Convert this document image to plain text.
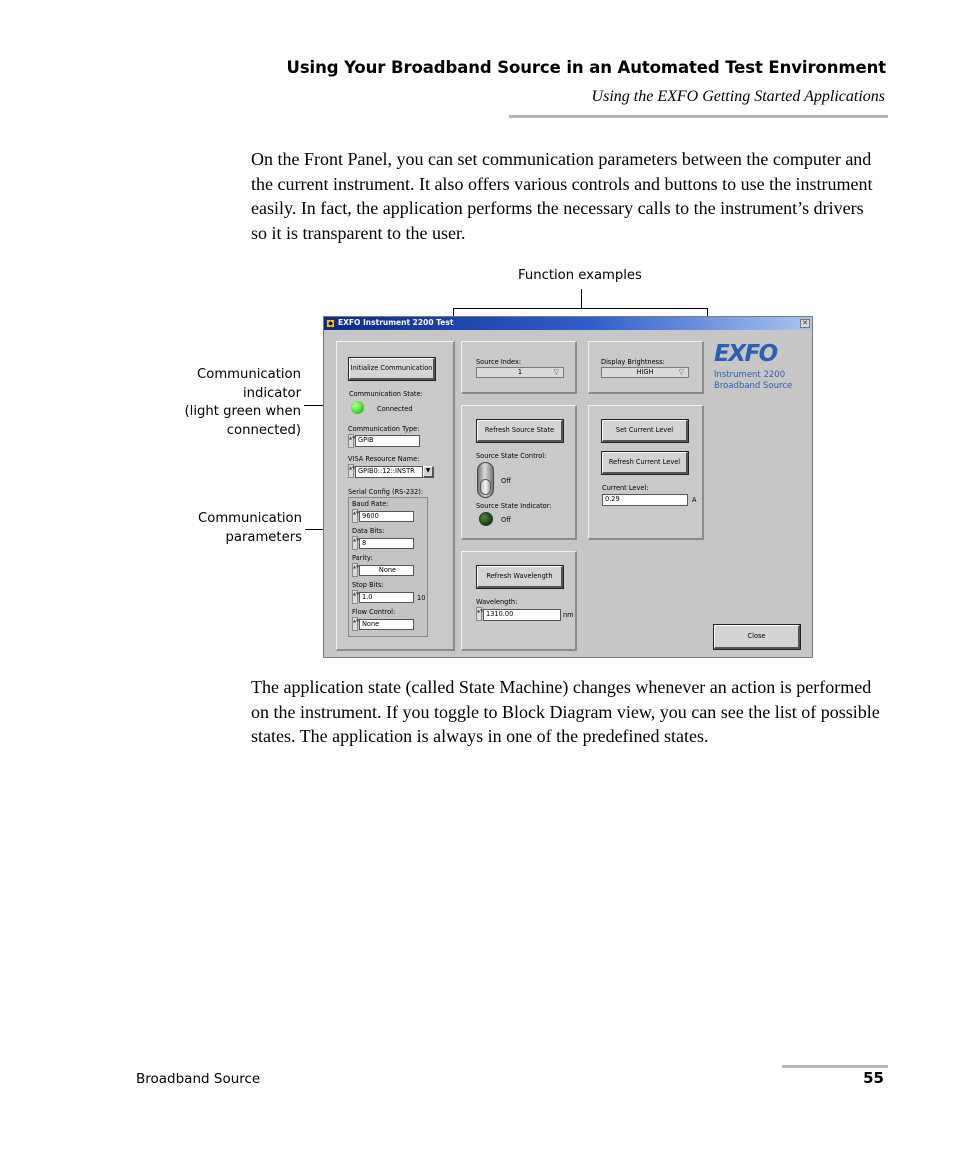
Using Your Broadband Source in an Automated Test Environment
Using the EXFO Getting Started Applications
On the Front Panel, you can set communication parameters between the computer and the current instrument. It also offers various controls and buttons to use the instrument easily. In fact, the application performs the necessary calls to the instrument’s drivers so it is transparent to the user.
Function examples
Communication
indicator
(light green when
connected)
Communication
parameters
◆ EXFO Instrument 2200 Test	✕
Initialize Communication
Communication State:
Connected
Communication Type:
▲▼ GPIB
VISA Resource Name:
▲▼ GPIB0::12::INSTR	▼
Serial Config (RS-232):
Baud Rate:
▲▼ 9600
Data Bits:
▲▼ 8
Parity:
▲▼	None
Stop Bits:
▲▼ 1.0	10
Flow Control:
▲▼ None
Source Index:
1	▽
Display Brightness:
HIGH	▽
EXFO
Instrument 2200
Broadband Source
Refresh Source State
Source State Control:
Off
Source State Indicator:
Off
Set Current Level
Refresh Current Level
Current Level:
0.29	A
Refresh Wavelength
Wavelength:
▲▼ 1310.00	nm
Close
The application state (called State Machine) changes whenever an action is performed on the instrument. If you toggle to Block Diagram view, you can see the list of possible states. The application is always in one of the predefined states.
Broadband Source	55
